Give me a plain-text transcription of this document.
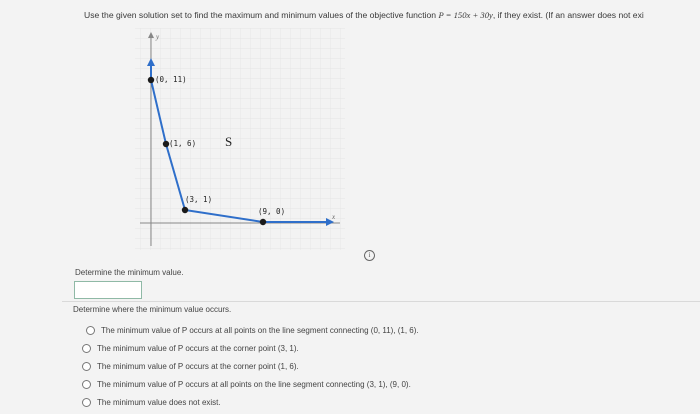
Use the given solution set to find the maximum and minimum values of the objective function P = 150x + 30y, if they exist. (If an answer does not exi
y
x
(0, 11)
(1, 6)
(3, 1)
(9, 0)
S
i
Determine the minimum value.
Determine where the minimum value occurs.
The minimum value of P occurs at all points on the line segment connecting (0, 11), (1, 6).
The minimum value of P occurs at the corner point (3, 1).
The minimum value of P occurs at the corner point (1, 6).
The minimum value of P occurs at all points on the line segment connecting (3, 1), (9, 0).
The minimum value does not exist.
